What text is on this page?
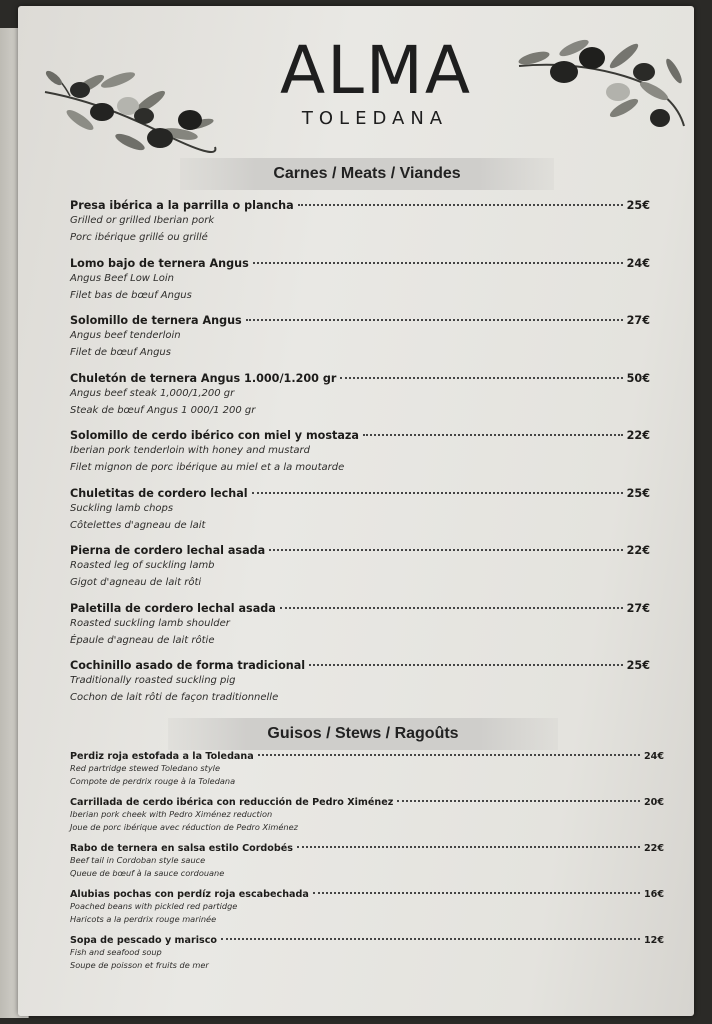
ALMA
TOLEDANA
Carnes / Meats / Viandes
Presa ibérica a la parrilla o plancha	25€
Grilled or grilled Iberian pork
Porc ibérique grillé ou grillé
Lomo bajo de ternera Angus	24€
Angus Beef Low Loin
Filet bas de bœuf Angus
Solomillo de ternera Angus	27€
Angus beef tenderloin
Filet de bœuf Angus
Chuletón de ternera Angus 1.000/1.200 gr	50€
Angus beef steak 1,000/1,200 gr
Steak de bœuf Angus 1 000/1 200 gr
Solomillo de cerdo ibérico con miel y mostaza	22€
Iberian pork tenderloin with honey and mustard
Filet mignon de porc ibérique au miel et a la moutarde
Chuletitas de cordero lechal	25€
Suckling lamb chops
Côtelettes d'agneau de lait
Pierna de cordero lechal asada	22€
Roasted leg of suckling lamb
Gigot d'agneau de lait rôti
Paletilla de cordero lechal asada	27€
Roasted suckling lamb shoulder
Épaule d'agneau de lait rôtie
Cochinillo asado de forma tradicional	25€
Traditionally roasted suckling pig
Cochon de lait rôti de façon traditionnelle
Guisos / Stews / Ragoûts
Perdiz roja estofada a la Toledana	24€
Red partridge stewed Toledano style
Compote de perdrix rouge à la Toledana
Carrillada de cerdo ibérica con reducción de Pedro Ximénez	20€
Iberian pork cheek with Pedro Ximénez reduction
Joue de porc ibérique avec réduction de Pedro Ximénez
Rabo de ternera en salsa estilo Cordobés	22€
Beef tail in Cordoban style sauce
Queue de bœuf à la sauce cordouane
Alubias pochas con perdíz roja escabechada	16€
Poached beans with pickled red partidge
Haricots a la perdrix rouge marinée
Sopa de pescado y marisco	12€
Fish and seafood soup
Soupe de poisson et fruits de mer
